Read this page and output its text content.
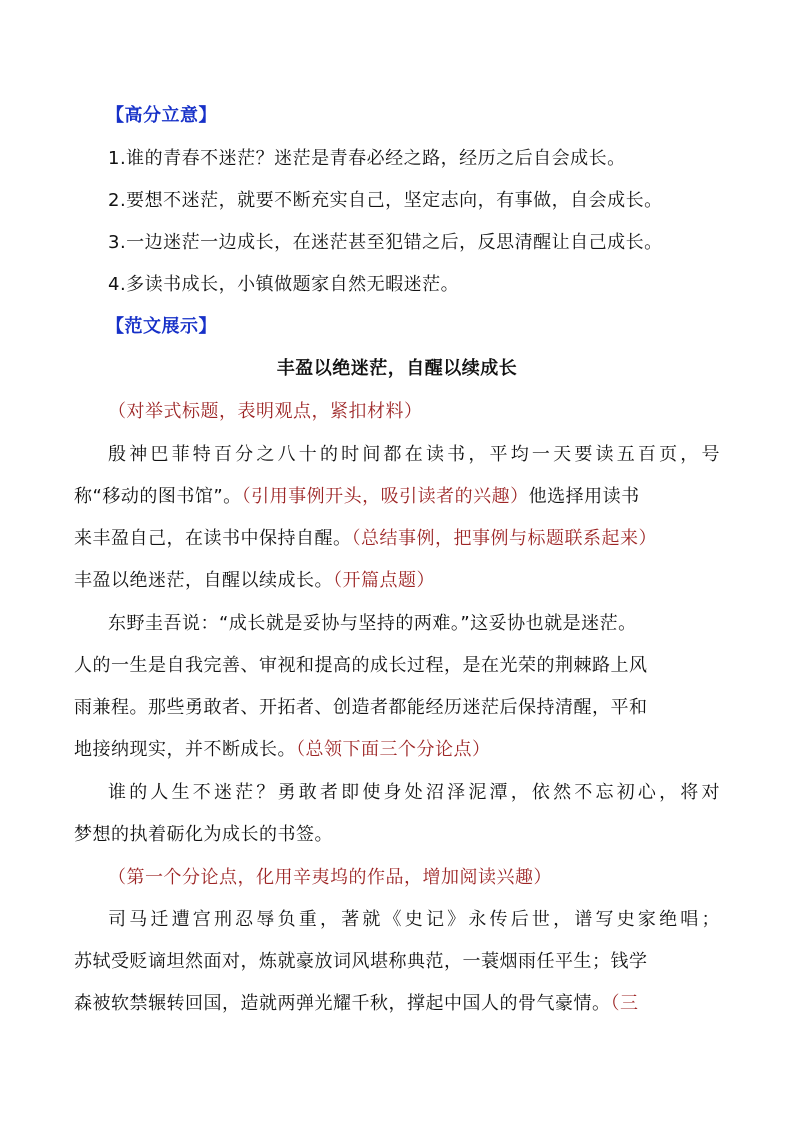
【高分立意】
1.谁的青春不迷茫？迷茫是青春必经之路，经历之后自会成长。
2.要想不迷茫，就要不断充实自己，坚定志向，有事做，自会成长。
3.一边迷茫一边成长，在迷茫甚至犯错之后，反思清醒让自己成长。
4.多读书成长，小镇做题家自然无暇迷茫。
【范文展示】
丰盈以绝迷茫，自醒以续成长
（对举式标题，表明观点，紧扣材料）
殷神巴菲特百分之八十的时间都在读书，平均一天要读五百页，号
称“移动的图书馆”。（引用事例开头，吸引读者的兴趣）他选择用读书
来丰盈自己，在读书中保持自醒。（总结事例，把事例与标题联系起来）
丰盈以绝迷茫，自醒以续成长。（开篇点题）
东野圭吾说：“成长就是妥协与坚持的两难。”这妥协也就是迷茫。
人的一生是自我完善、审视和提高的成长过程，是在光荣的荆棘路上风
雨兼程。那些勇敢者、开拓者、创造者都能经历迷茫后保持清醒，平和
地接纳现实，并不断成长。（总领下面三个分论点）
谁的人生不迷茫？勇敢者即使身处沼泽泥潭，依然不忘初心，将对
梦想的执着砺化为成长的书签。
（第一个分论点，化用辛夷坞的作品，增加阅读兴趣）
司马迁遭宫刑忍辱负重，著就《史记》永传后世，谱写史家绝唱；
苏轼受贬谪坦然面对，炼就豪放词风堪称典范，一蓑烟雨任平生；钱学
森被软禁辗转回国，造就两弹光耀千秋，撑起中国人的骨气豪情。（三
